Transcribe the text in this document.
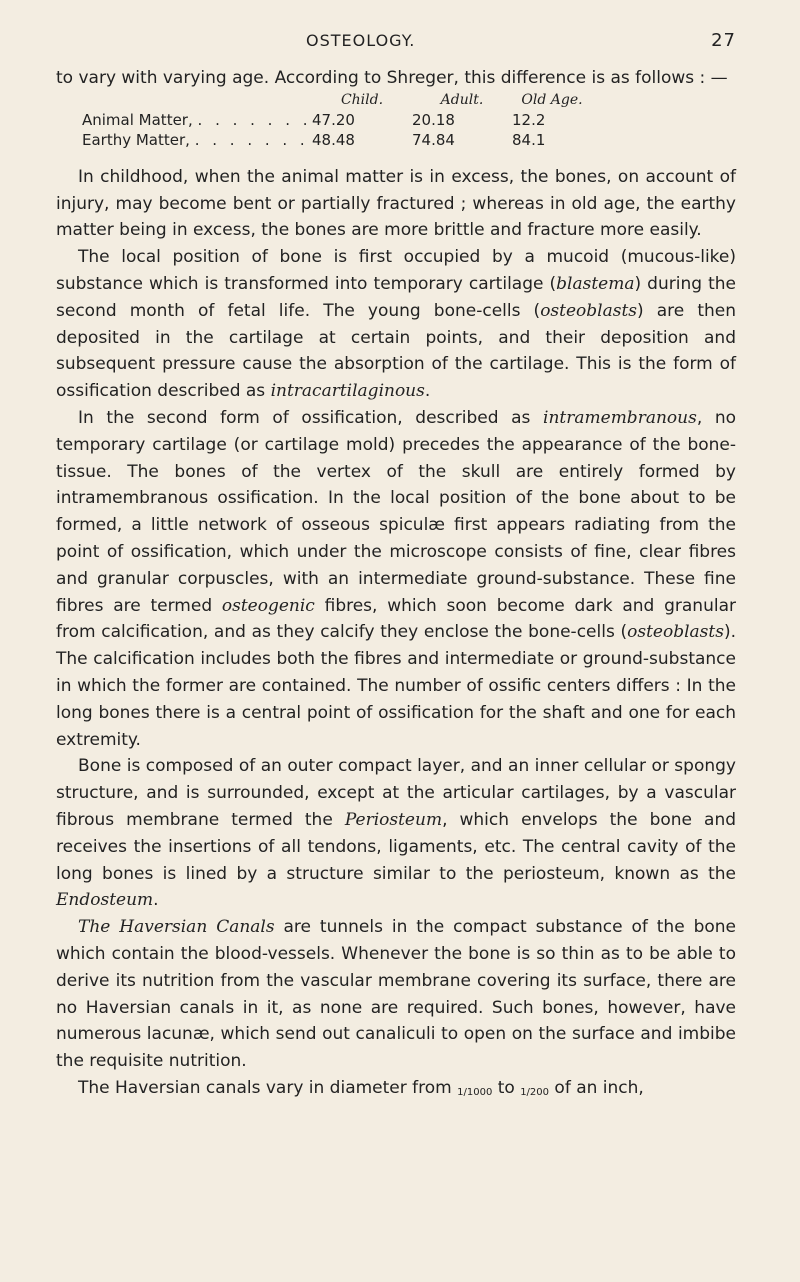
OSTEOLOGY.	27

to vary with varying age. According to Shreger, this difference is as follows : —

	Child.	Adult.	Old Age.
Animal Matter, . . . . . . .	47.20	20.18	12.2
Earthy Matter, . . . . . . .	48.48	74.84	84.1

In childhood, when the animal matter is in excess, the bones, on account of injury, may become bent or partially fractured ; whereas in old age, the earthy matter being in excess, the bones are more brittle and fracture more easily.

The local position of bone is first occupied by a mucoid (mucous-like) substance which is transformed into temporary cartilage (blastema) during the second month of fetal life. The young bone-cells (osteoblasts) are then deposited in the cartilage at certain points, and their deposition and subsequent pressure cause the absorption of the cartilage. This is the form of ossification described as intracartilaginous.

In the second form of ossification, described as intramembranous, no temporary cartilage (or cartilage mold) precedes the appearance of the bone-tissue. The bones of the vertex of the skull are entirely formed by intramembranous ossification. In the local position of the bone about to be formed, a little network of osseous spiculæ first appears radiating from the point of ossification, which under the microscope consists of fine, clear fibres and granular corpuscles, with an intermediate ground-substance. These fine fibres are termed osteogenic fibres, which soon become dark and granular from calcification, and as they calcify they enclose the bone-cells (osteoblasts). The calcification includes both the fibres and intermediate or ground-substance in which the former are contained. The number of ossific centers differs : In the long bones there is a central point of ossification for the shaft and one for each extremity.

Bone is composed of an outer compact layer, and an inner cellular or spongy structure, and is surrounded, except at the articular cartilages, by a vascular fibrous membrane termed the Periosteum, which envelops the bone and receives the insertions of all tendons, ligaments, etc. The central cavity of the long bones is lined by a structure similar to the periosteum, known as the Endosteum.

The Haversian Canals are tunnels in the compact substance of the bone which contain the blood-vessels. Whenever the bone is so thin as to be able to derive its nutrition from the vascular membrane covering its surface, there are no Haversian canals in it, as none are required. Such bones, however, have numerous lacunæ, which send out canaliculi to open on the surface and imbibe the requisite nutrition.

The Haversian canals vary in diameter from 1/1000 to 1/200 of an inch,
